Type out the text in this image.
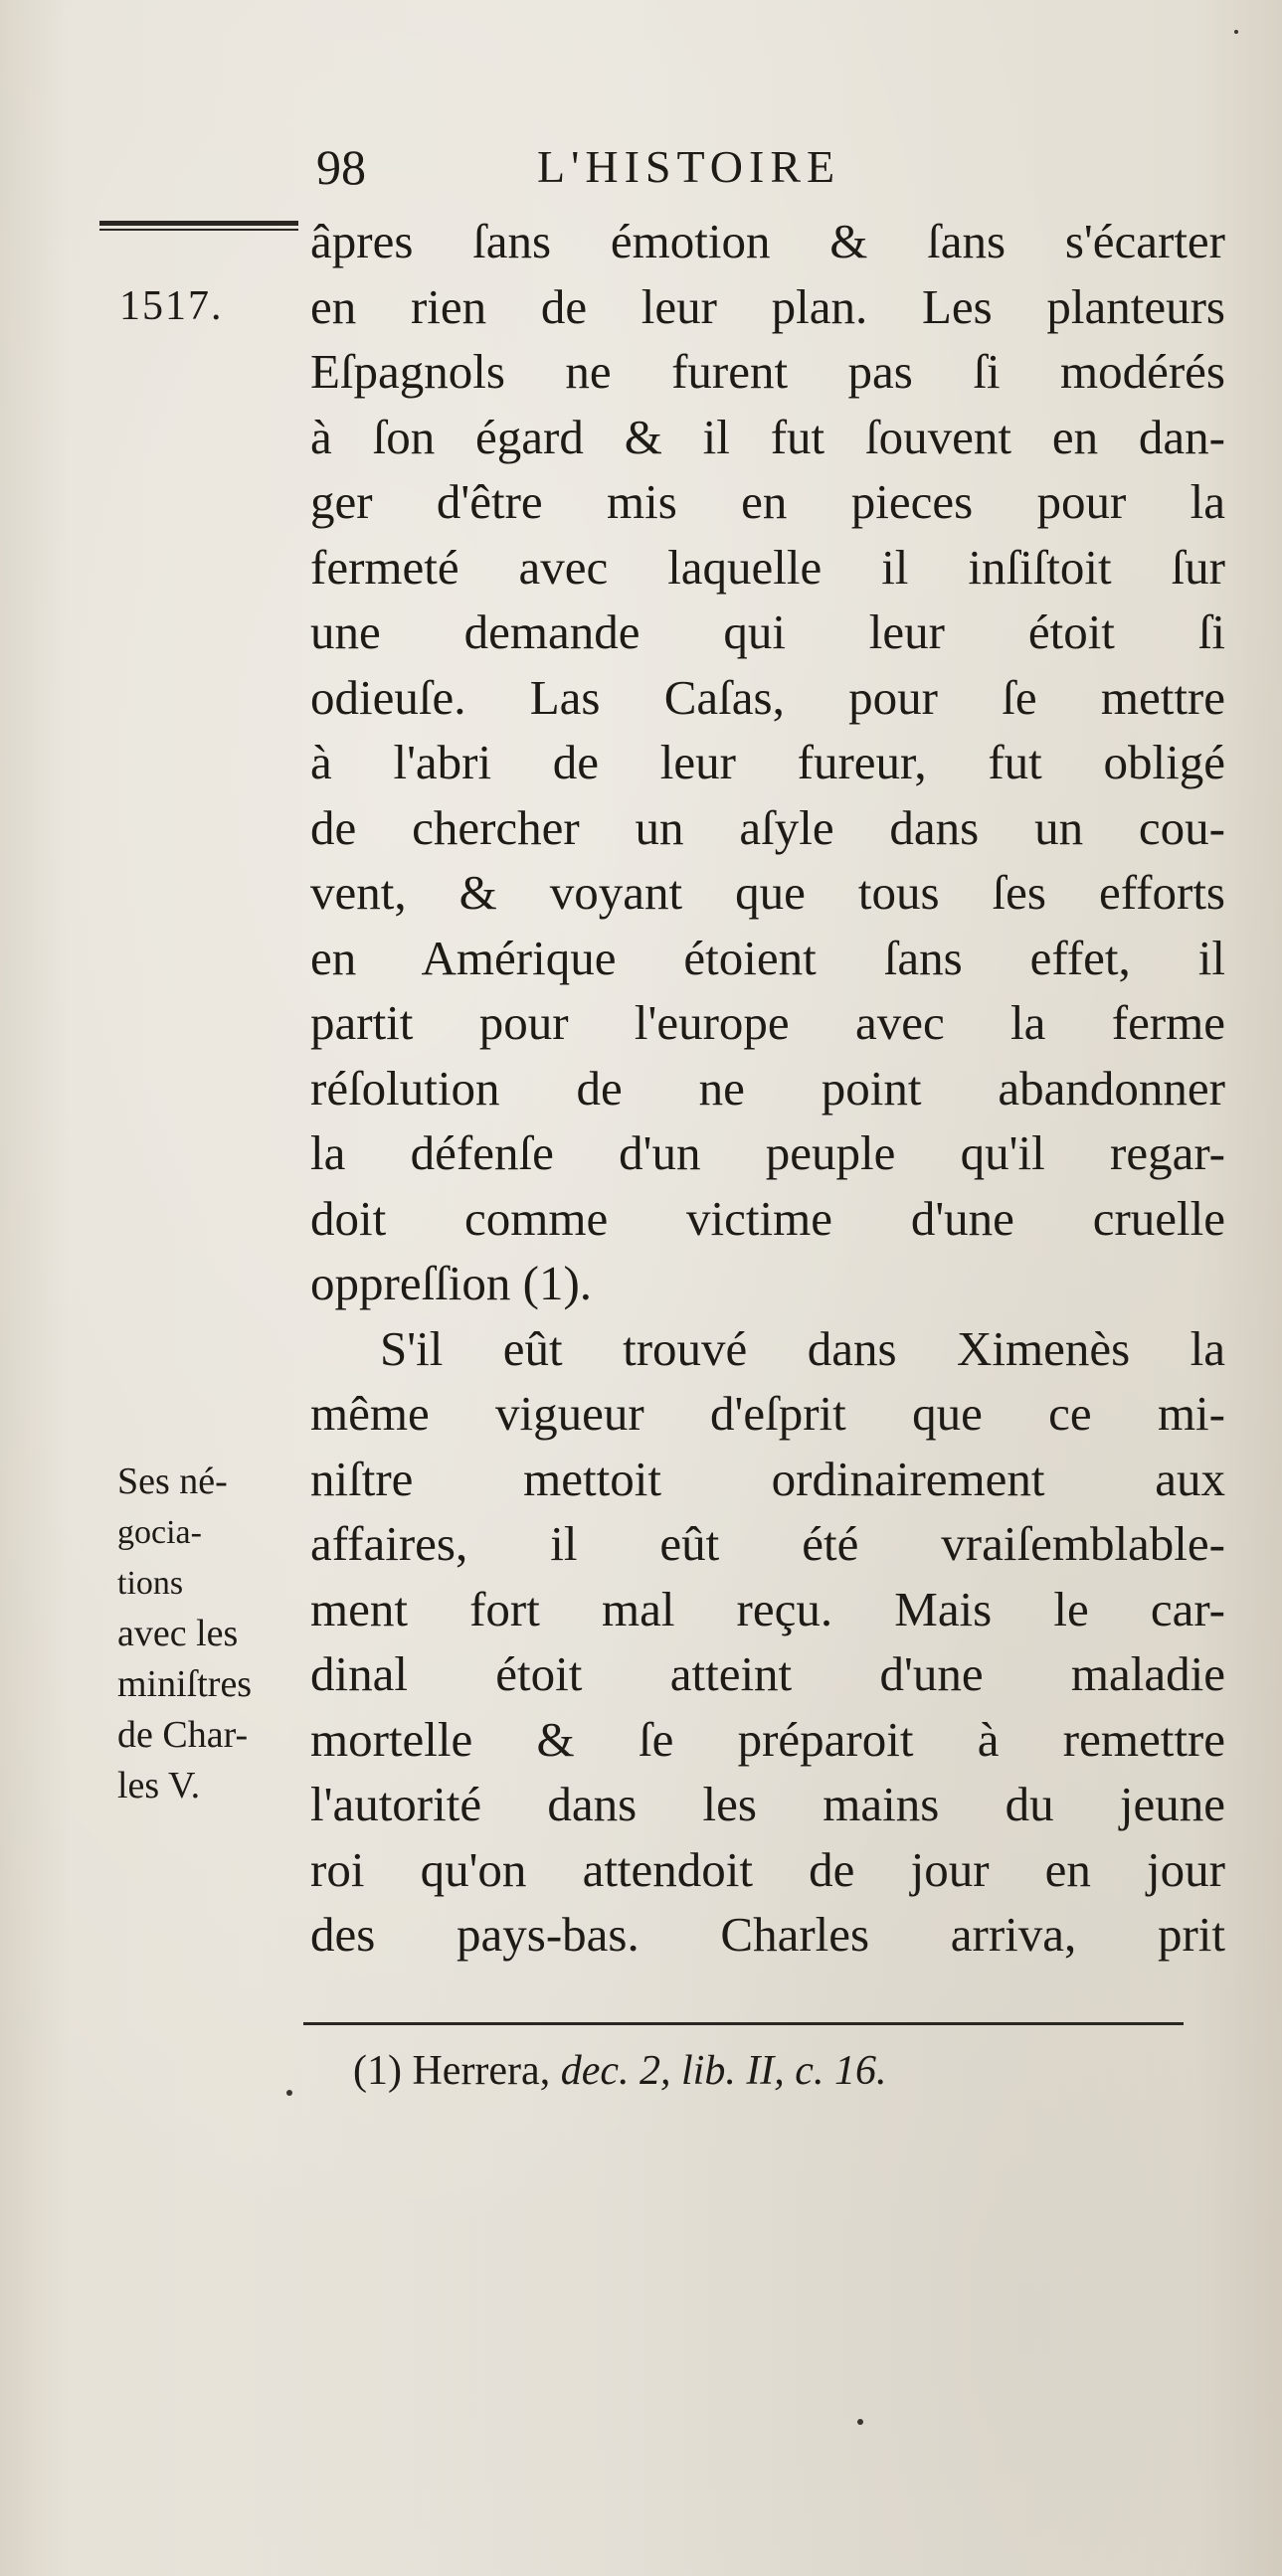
98	L'HISTOIRE
1517.
âpres ſans émotion & ſans s'écarter
en rien de leur plan. Les planteurs
Eſpagnols ne furent pas ſi modérés
à ſon égard & il fut ſouvent en dan-
ger d'être mis en pieces pour la
fermeté avec laquelle il inſiſtoit ſur
une demande qui leur étoit ſi
odieuſe. Las Caſas, pour ſe mettre
à l'abri de leur fureur, fut obligé
de chercher un aſyle dans un cou-
vent, & voyant que tous ſes efforts
en Amérique étoient ſans effet, il
partit pour l'europe avec la ferme
réſolution de ne point abandonner
la défenſe d'un peuple qu'il regar-
doit comme victime d'une cruelle
oppreſſion (1).
S'il eût trouvé dans Ximenès la
même vigueur d'eſprit que ce mi-
niſtre mettoit ordinairement aux
affaires, il eût été vraiſemblable-
ment fort mal reçu. Mais le car-
dinal étoit atteint d'une maladie
mortelle & ſe préparoit à remettre
l'autorité dans les mains du jeune
roi qu'on attendoit de jour en jour
des pays-bas. Charles arriva, prit
Ses né-
gocia-
tions
avec les
miniſtres
de Char-
les V.
(1) Herrera, dec. 2, lib. II, c. 16.
